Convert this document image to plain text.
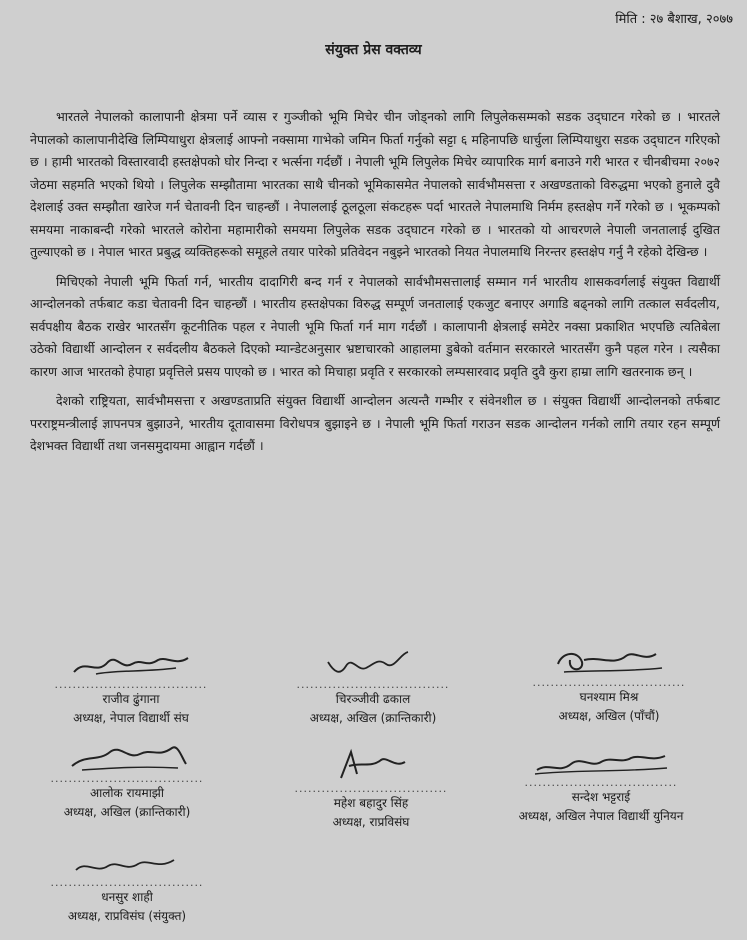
मिति : २७ बैशाख, २०७७
संयुक्त प्रेस वक्तव्य

भारतले नेपालको कालापानी क्षेत्रमा पर्ने व्यास र गुञ्जीको भूमि मिचेर चीन जोड्नको लागि लिपुलेकसम्मको सडक उद्‌घाटन गरेको छ । भारतले नेपालको कालापानीदेखि लिम्पियाधुरा क्षेत्रलाई आफ्नो नक्सामा गाभेको जमिन फिर्ता गर्नुको सट्टा ६ महिनापछि धार्चुला लिम्पियाधुरा सडक उद्‌घाटन गरिएको छ । हामी भारतको विस्तारवादी हस्तक्षेपको घोर निन्दा र भर्त्सना गर्दछौं । नेपाली भूमि लिपुलेक मिचेर व्यापारिक मार्ग बनाउने गरी भारत र चीनबीचमा २०७२ जेठमा सहमति भएको थियो । लिपुलेक सम्झौतामा भारतका साथै चीनको भूमिकासमेत नेपालको सार्वभौमसत्ता र अखण्डताको विरुद्धमा भएको हुनाले दुवै देशलाई उक्त सम्झौता खारेज गर्न चेतावनी दिन चाहन्छौं । नेपाललाई ठूलठूला संकटहरू पर्दा भारतले नेपालमाथि निर्मम हस्तक्षेप गर्ने गरेको छ । भूकम्पको समयमा नाकाबन्दी गरेको भारतले कोरोना महामारीको समयमा लिपुलेक सडक उद्‌घाटन गरेको छ । भारतको यो आचरणले नेपाली जनतालाई दुखित तुल्याएको छ । नेपाल भारत प्रबुद्ध व्यक्तिहरूको समूहले तयार पारेको प्रतिवेदन नबुझ्ने भारतको नियत नेपालमाथि निरन्तर हस्तक्षेप गर्नु नै रहेको देखिन्छ ।

मिचिएको नेपाली भूमि फिर्ता गर्न, भारतीय दादागिरी बन्द गर्न र नेपालको सार्वभौमसत्तालाई सम्मान गर्न भारतीय शासकवर्गलाई संयुक्त विद्यार्थी आन्दोलनको तर्फबाट कडा चेतावनी दिन चाहन्छौं । भारतीय हस्तक्षेपका विरुद्ध सम्पूर्ण जनतालाई एकजुट बनाएर अगाडि बढ्नको लागि तत्काल सर्वदलीय, सर्वपक्षीय बैठक राखेर भारतसँग कूटनीतिक पहल र नेपाली भूमि फिर्ता गर्न माग गर्दछौं । कालापानी क्षेत्रलाई समेटेर नक्सा प्रकाशित भएपछि त्यतिबेला उठेको विद्यार्थी आन्दोलन र सर्वदलीय बैठकले दिएको म्यान्डेटअनुसार भ्रष्टाचारको आहालमा डुबेको वर्तमान सरकारले भारतसँग कुनै पहल गरेन । त्यसैका कारण आज भारतको हेपाहा प्रवृत्तिले प्रसय पाएको छ । भारत को मिचाहा प्रवृति र सरकारको लम्पसारवाद प्रवृति दुवै कुरा हाम्रा लागि खतरनाक छन् ।

देशको राष्ट्रियता, सार्वभौमसत्ता र अखण्डताप्रति संयुक्त विद्यार्थी आन्दोलन अत्यन्तै गम्भीर र संवेनशील छ । संयुक्त विद्यार्थी आन्दोलनको तर्फबाट परराष्ट्रमन्त्रीलाई ज्ञापनपत्र बुझाउने, भारतीय दूतावासमा विरोधपत्र बुझाइने छ । नेपाली भूमि फिर्ता गराउन सडक आन्दोलन गर्नको लागि तयार रहन सम्पूर्ण देशभक्त विद्यार्थी तथा जनसमुदायमा आह्वान गर्दछौं ।

..................................
राजीव ढुंगाना
अध्यक्ष, नेपाल विद्यार्थी संघ
..................................
चिरञ्जीवी ढकाल
अध्यक्ष, अखिल (क्रान्तिकारी)
..................................
घनश्याम मिश्र
अध्यक्ष, अखिल (पाँचौं)
..................................
आलोक रायमाझी
अध्यक्ष, अखिल (क्रान्तिकारी)
..................................
महेश बहादुर सिंह
अध्यक्ष, राप्रविसंघ
..................................
सन्देश भट्टराई
अध्यक्ष, अखिल नेपाल विद्यार्थी युनियन
..................................
धनसुर शाही
अध्यक्ष, राप्रविसंघ (संयुक्त)
